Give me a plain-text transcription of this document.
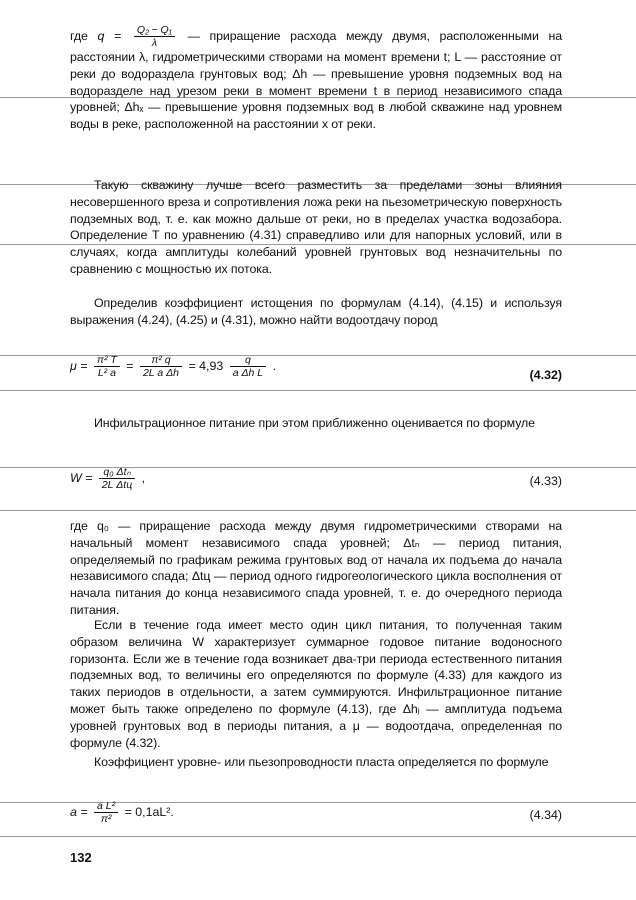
где $q = \frac{\text{Q₂ − Q₁}}{\lambda}$ — приращение расхода между двумя, расположенными на расстоянии λ, гидрометрическими створами на момент времени t; L — расстояние от реки до водораздела грунтовых вод; Δh — превышение уровня подземных вод на водоразделе над урезом реки в момент времени t в период независимого спада уровней; Δhₓ — превышение уровня подземных вод в любой скважине над уровнем воды в реке, расположенной на расстоянии x от реки.
Такую скважину лучше всего разместить за пределами зоны влияния несовершенного вреза и сопротивления ложа реки на пьезометрическую поверхность подземных вод, т. е. как можно дальше от реки, но в пределах участка водозабора. Определение T по уравнению (4.31) справедливо или для напорных условий, или в случаях, когда амплитуды колебаний уровней грунтовых вод незначительны по сравнению с мощностью их потока.
Определив коэффициент истощения по формулам (4.14), (4.15) и используя выражения (4.24), (4.25) и (4.31), можно найти водоотдачу пород
$\mu = \frac{\text{π² T}}{\text{L² a}} = \frac{\text{π² q}}{\text{2L a Δh}} = 4,93 \frac{q}{\text{a Δh L}}$ .
(4.32)
Инфильтрационное питание при этом приближенно оценивается по формуле
$W = \frac{\text{q₀ Δtₙ}}{\text{2L Δtц}}$ ,	(4.33)
где q₀ — приращение расхода между двумя гидрометрическими створами на начальный момент независимого спада уровней; Δtₙ — период питания, определяемый по графикам режима грунтовых вод от начала их подъема до начала независимого спада; Δtц — период одного гидрогеологического цикла восполнения от начала питания до конца независимого спада уровней, т. е. до очередного периода питания.
Если в течение года имеет место один цикл питания, то полученная таким образом величина W характеризует суммарное годовое питание водоносного горизонта. Если же в течение года возникает два-три периода естественного питания подземных вод, то величины его определяются по формуле (4.33) для каждого из таких периодов в отдельности, а затем суммируются. Инфильтрационное питание может быть также определено по формуле (4.13), где Δhⱼ — амплитуда подъема уровней грунтовых вод в периоды питания, а μ — водоотдача, определенная по формуле (4.32).
Коэффициент уровне- или пьезопроводности пласта определяется по формуле
$a = \frac{\text{a L²}}{\text{π²}} = 0,1aL^2$.	(4.34)
132
